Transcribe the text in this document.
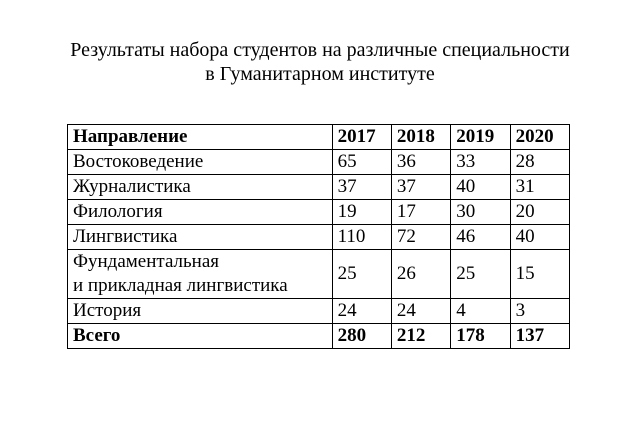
Результаты набора студентов на различные специальности
в Гуманитарном институте
Направление	2017	2018	2019	2020
Востоковедение	65	36	33	28
Журналистика	37	37	40	31
Филология	19	17	30	20
Лингвистика	110	72	46	40

Фундаментальная
и прикладная лингвистика	25	26	25	15
История	24	24	4	3
Всего	280	212	178	137
